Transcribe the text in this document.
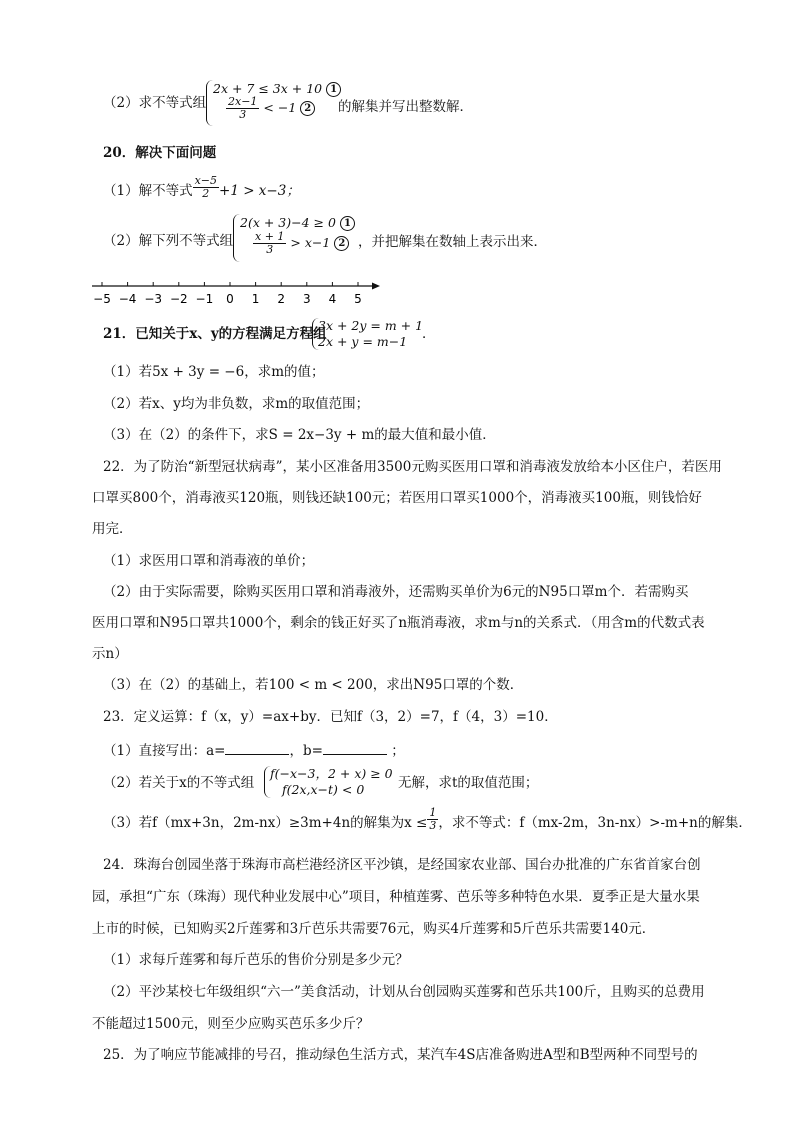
（2）求不等式组
2x + 7 ≤ 3x + 10 1
$\frac{2x-1}{3} < -1$ 2 的解集并写出整数解．
20．解决下面问题
（1）解不等式 $\frac{x-5}{2} +1 > x-3$；
（2）解下列不等式组
2(x + 3)−4 ≥ 0 1
$\frac{x + 1}{3} > x-1$ 2 ，并把解集在数轴上表示出来．
−5 −4 −3 −2 −1 0 1 2 3 4 5
21．已知关于x、y的方程满足方程组
3x + 2y = m + 1
2x + y = m−1 ．
（1）若5x + 3y = −6，求m的值；
（2）若x、y均为非负数，求m的取值范围；
（3）在（2）的条件下，求S = 2x−3y + m的最大值和最小值．
22．为了防治“新型冠状病毒”，某小区准备用3500元购买医用口罩和消毒液发放给本小区住户，若医用
口罩买800个，消毒液买120瓶，则钱还缺100元；若医用口罩买1000个，消毒液买100瓶，则钱恰好
用完．
（1）求医用口罩和消毒液的单价；
（2）由于实际需要，除购买医用口罩和消毒液外，还需购买单价为6元的N95口罩m个．若需购买
医用口罩和N95口罩共1000个，剩余的钱正好买了n瓶消毒液，求m与n的关系式．（用含m的代数式表
示n）
（3）在（2）的基础上，若100 < m < 200，求出N95口罩的个数．
23．定义运算：f（x，y）=ax+by．已知f（3，2）=7，f（4，3）=10．
（1）直接写出：a=	，b=	；
（2）若关于x的不等式组
f(−x−3，2 + x) ≥ 0
f(2x,x−t) < 0 无解，求t的取值范围；
（3）若f（mx+3n，2m-nx）≥3m+4n的解集为$x \le \frac{1}{3}$ ，求不等式：f（mx-2m，3n-nx）>-m+n的解集．
24．珠海台创园坐落于珠海市高栏港经济区平沙镇，是经国家农业部、国台办批准的广东省首家台创
园，承担“广东（珠海）现代种业发展中心”项目，种植莲雾、芭乐等多种特色水果．夏季正是大量水果
上市的时候，已知购买2斤莲雾和3斤芭乐共需要76元，购买4斤莲雾和5斤芭乐共需要140元．
（1）求每斤莲雾和每斤芭乐的售价分别是多少元？
（2）平沙某校七年级组织“六一”美食活动，计划从台创园购买莲雾和芭乐共100斤，且购买的总费用
不能超过1500元，则至少应购买芭乐多少斤？
25．为了响应节能减排的号召，推动绿色生活方式，某汽车4S店准备购进A型和B型两种不同型号的
